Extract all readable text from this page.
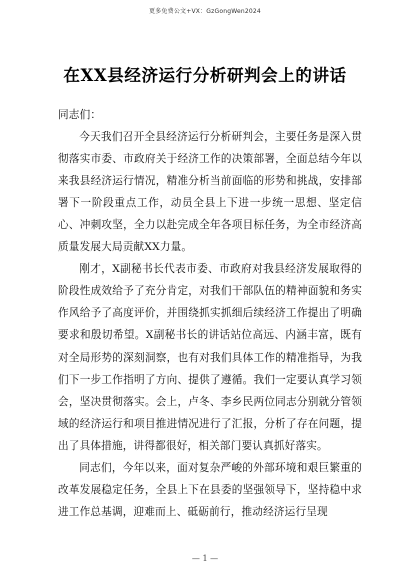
更多免费公文+VX：GzGongWen2024
在XX县经济运行分析研判会上的讲话

同志们：

今天我们召开全县经济运行分析研判会，主要任务是深入贯彻落实市委、市政府关于经济工作的决策部署，全面总结今年以来我县经济运行情况，精准分析当前面临的形势和挑战，安排部署下一阶段重点工作，动员全县上下进一步统一思想、坚定信心、冲刺攻坚，全力以赴完成全年各项目标任务，为全市经济高质量发展大局贡献XX力量。

刚才，X副秘书长代表市委、市政府对我县经济发展取得的阶段性成效给予了充分肯定，对我们干部队伍的精神面貌和务实作风给予了高度评价，并围绕抓实抓细后续经济工作提出了明确要求和殷切希望。X副秘书长的讲话站位高远、内涵丰富，既有对全局形势的深刻洞察，也有对我们具体工作的精准指导，为我们下一步工作指明了方向、提供了遵循。我们一定要认真学习领会，坚决贯彻落实。会上，卢冬、李乡民两位同志分别就分管领域的经济运行和项目推进情况进行了汇报，分析了存在问题，提出了具体措施，讲得都很好，相关部门要认真抓好落实。

同志们，今年以来，面对复杂严峻的外部环境和艰巨繁重的改革发展稳定任务，全县上下在县委的坚强领导下，坚持稳中求进工作总基调，迎难而上、砥砺前行，推动经济运行呈现

— 1 —
